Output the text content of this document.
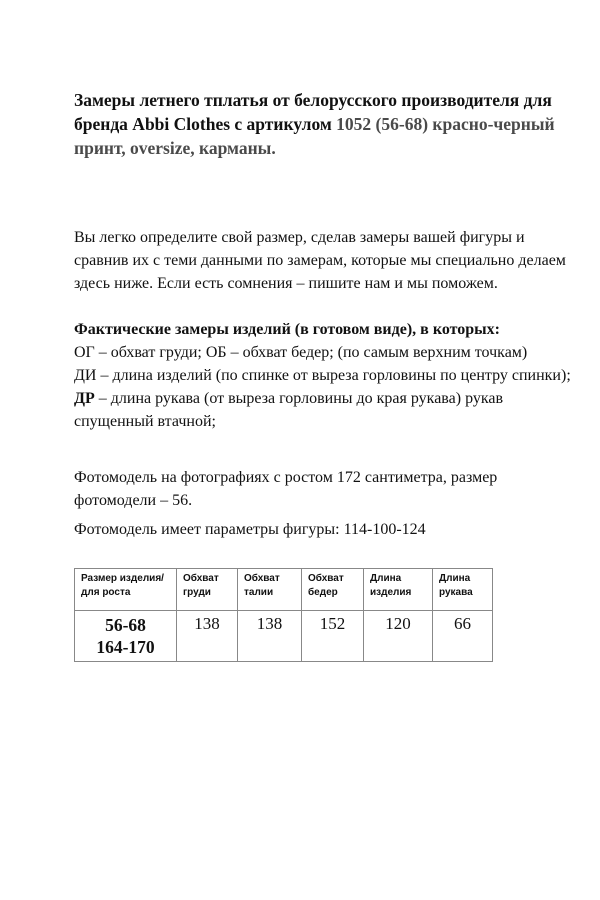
Замеры летнего тплатья от белорусского производителя для бренда Abbi Clothes с артикулом 1052 (56-68) красно-черный принт, oversize, карманы.

Вы легко определите свой размер, сделав замеры вашей фигуры и сравнив их с теми данными по замерам, которые мы специально делаем здесь ниже. Если есть сомнения – пишите нам и мы поможем.

Фактические замеры изделий (в готовом виде), в которых:
ОГ – обхват груди; ОБ – обхват бедер; (по самым верхним точкам)
ДИ – длина изделий (по спинке от выреза горловины по центру спинки);
ДР – длина рукава (от выреза горловины до края рукава) рукав спущенный втачной;

Фотомодель на фотографиях с ростом 172 сантиметра, размер фотомодели – 56.

Фотомодель имеет параметры фигуры: 114-100-124

Размер изделия/для роста	Обхват груди	Обхват талии	Обхват бедер	Длина изделия	Длина рукава

56-68
164-170	138	138	152	120	66
